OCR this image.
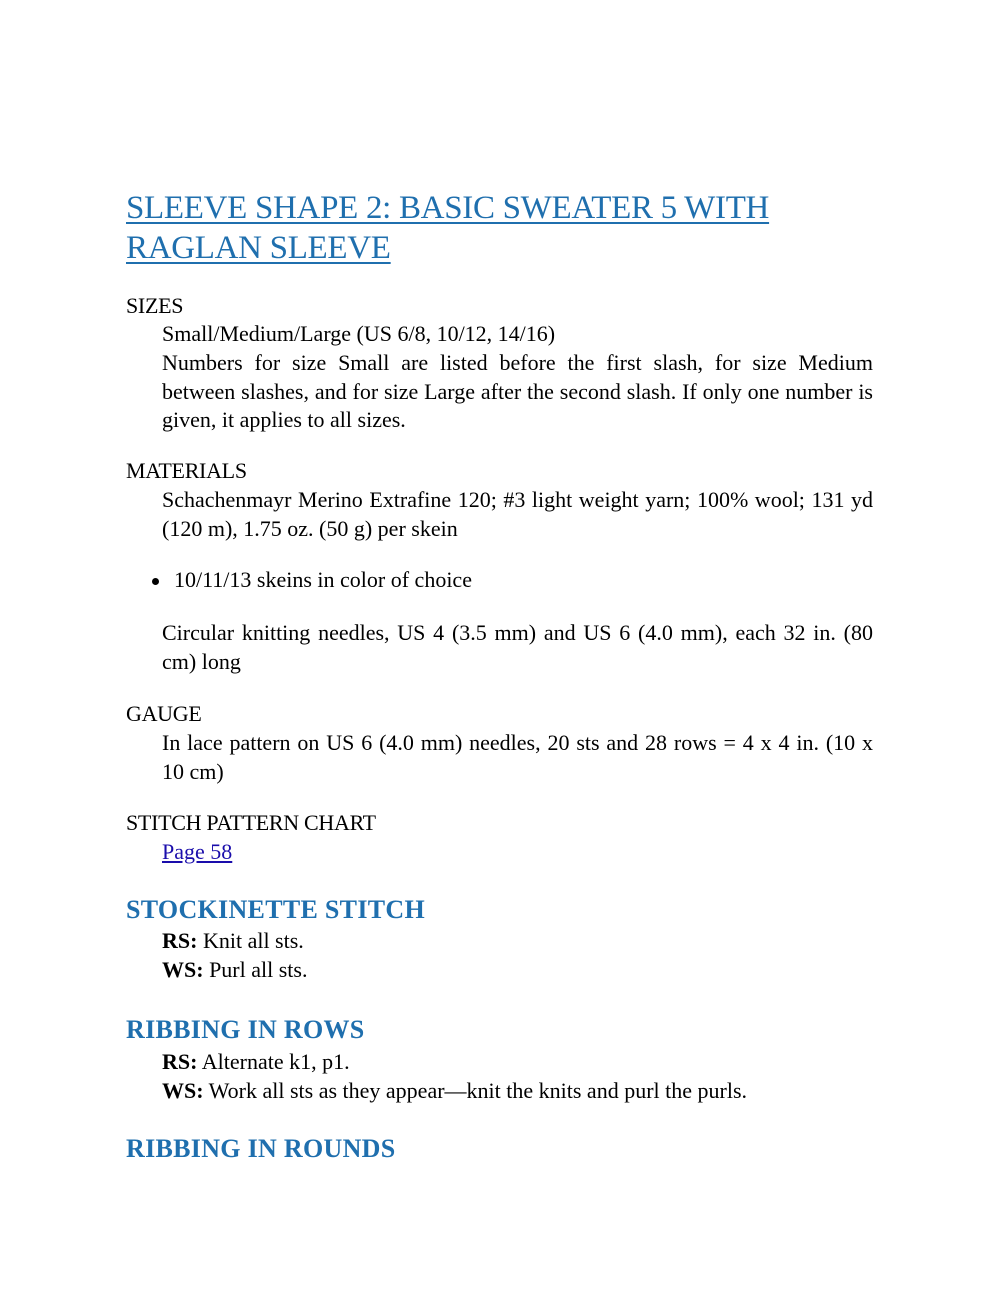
SLEEVE SHAPE 2: BASIC SWEATER 5 WITH RAGLAN SLEEVE
SIZES

Small/Medium/Large (US 6/8, 10/12, 14/16)

Numbers for size Small are listed before the first slash, for size Medium between slashes, and for size Large after the second slash. If only one number is given, it applies to all sizes.

MATERIALS

Schachenmayr Merino Extrafine 120; #3 light weight yarn; 100% wool; 131 yd (120 m), 1.75 oz. (50 g) per skein

10/11/13 skeins in color of choice

Circular knitting needles, US 4 (3.5 mm) and US 6 (4.0 mm), each 32 in. (80 cm) long

GAUGE

In lace pattern on US 6 (4.0 mm) needles, 20 sts and 28 rows = 4 x 4 in. (10 x 10 cm)

STITCH PATTERN CHART
Page 58
STOCKINETTE STITCH
RS: Knit all sts.
WS: Purl all sts.
RIBBING IN ROWS
RS: Alternate k1, p1.
WS: Work all sts as they appear—knit the knits and purl the purls.
RIBBING IN ROUNDS
